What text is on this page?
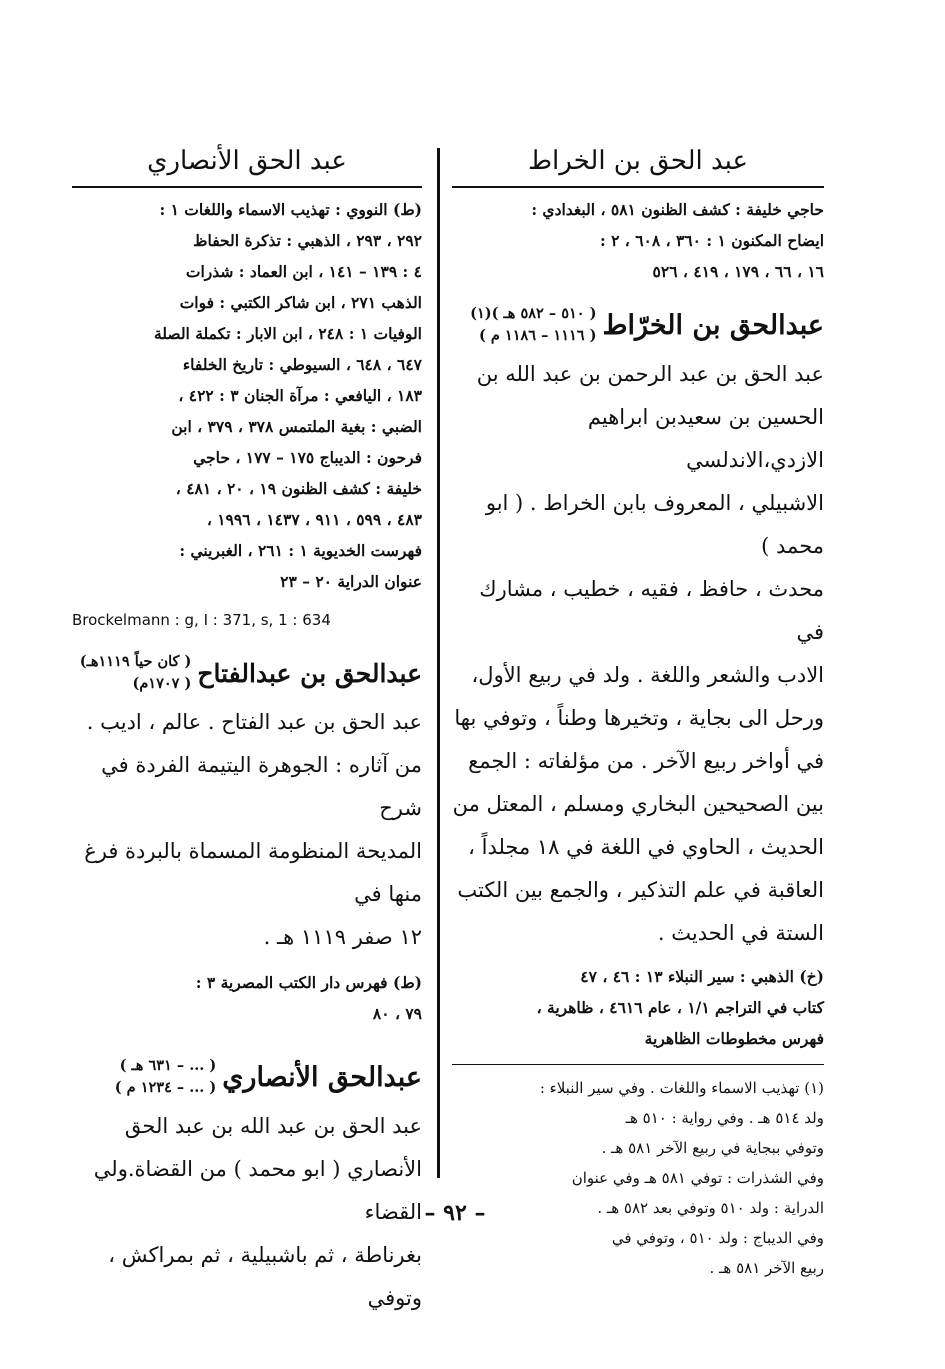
عبد الحق بن الخراط

حاجي خليفة : كشف الظنون ٥٨١ ، البغدادي :

ايضاح المكنون ١ : ٣٦٠ ، ٦٠٨ ، ٢ :

١٦ ، ٦٦ ، ١٧٩ ، ٤١٩ ، ٥٢٦

عبدالحق بن الخرّاط
( ٥١٠ – ٥٨٢ هـ )(١)
( ١١١٦ – ١١٨٦ م )

عبد الحق بن عبد الرحمن بن عبد الله بن

الحسين بن سعيدبن ابراهيم الازدي،الاندلسي

الاشبيلي ، المعروف بابن الخراط . ( ابو محمد )

محدث ، حافظ ، فقيه ، خطيب ، مشارك في

الادب والشعر واللغة . ولد في ربيع الأول،

ورحل الى بجاية ، وتخيرها وطناً ، وتوفي بها

في أواخر ربيع الآخر . من مؤلفاته : الجمع

بين الصحيحين البخاري ومسلم ، المعتل من

الحديث ، الحاوي في اللغة في ١٨ مجلداً ،

العاقبة في علم التذكير ، والجمع بين الكتب

الستة في الحديث .

(خ) الذهبي : سير النبلاء ١٣ : ٤٦ ، ٤٧

كتاب في التراجم ١/١ ، عام ٤٦١٦ ، ظاهرية ،

فهرس مخطوطات الظاهرية

(١) تهذيب الاسماء واللغات . وفي سير النبلاء :

ولد ٥١٤ هـ . وفي رواية : ٥١٠ هـ

وتوفي ببجاية في ربيع الآخر ٥٨١ هـ .

وفي الشذرات : توفي ٥٨١ هـ وفي عنوان

الدراية : ولد ٥١٠ وتوفي بعد ٥٨٢ هـ .

وفي الديباج : ولد ٥١٠ ، وتوفي في

ربيع الآخر ٥٨١ هـ .

عبد الحق الأنصاري

(ط) النووي : تهذيب الاسماء واللغات ١ :

٢٩٢ ، ٢٩٣ ، الذهبي : تذكرة الحفاظ

٤ : ١٣٩ – ١٤١ ، ابن العماد : شذرات

الذهب ٢٧١ ، ابن شاكر الكتبي : فوات

الوفيات ١ : ٢٤٨ ، ابن الابار : تكملة الصلة

٦٤٧ ، ٦٤٨ ، السيوطي : تاريخ الخلفاء

١٨٣ ، اليافعي : مرآة الجنان ٣ : ٤٢٢ ،

الضبي : بغية الملتمس ٣٧٨ ، ٣٧٩ ، ابن

فرحون : الديباج ١٧٥ – ١٧٧ ، حاجي

خليفة : كشف الظنون ١٩ ، ٢٠ ، ٤٨١ ،

٤٨٣ ، ٥٩٩ ، ٩١١ ، ١٤٣٧ ، ١٩٩٦ ،

فهرست الخديوية ١ : ٢٦١ ، الغبريني :

عنوان الدراية ٢٠ – ٢٣

Brockelmann : g, I : 371, s, 1 : 634

عبدالحق بن عبدالفتاح
( كان حياً ١١١٩هـ)
( ١٧٠٧م)

عبد الحق بن عبد الفتاح . عالم ، اديب .

من آثاره : الجوهرة اليتيمة الفردة في شرح

المديحة المنظومة المسماة بالبردة فرغ منها في

١٢ صفر ١١١٩ هـ .

(ط) فهرس دار الكتب المصرية ٣ :

٧٩ ، ٨٠

عبدالحق الأنصاري
( ... – ٦٣١ هـ )
( ... – ١٢٣٤ م )

عبد الحق بن عبد الله بن عبد الحق

الأنصاري ( ابو محمد ) من القضاة.ولي القضاء

بغرناطة ، ثم باشبيلية ، ثم بمراكش ، وتوفي

– ٩٢ –
